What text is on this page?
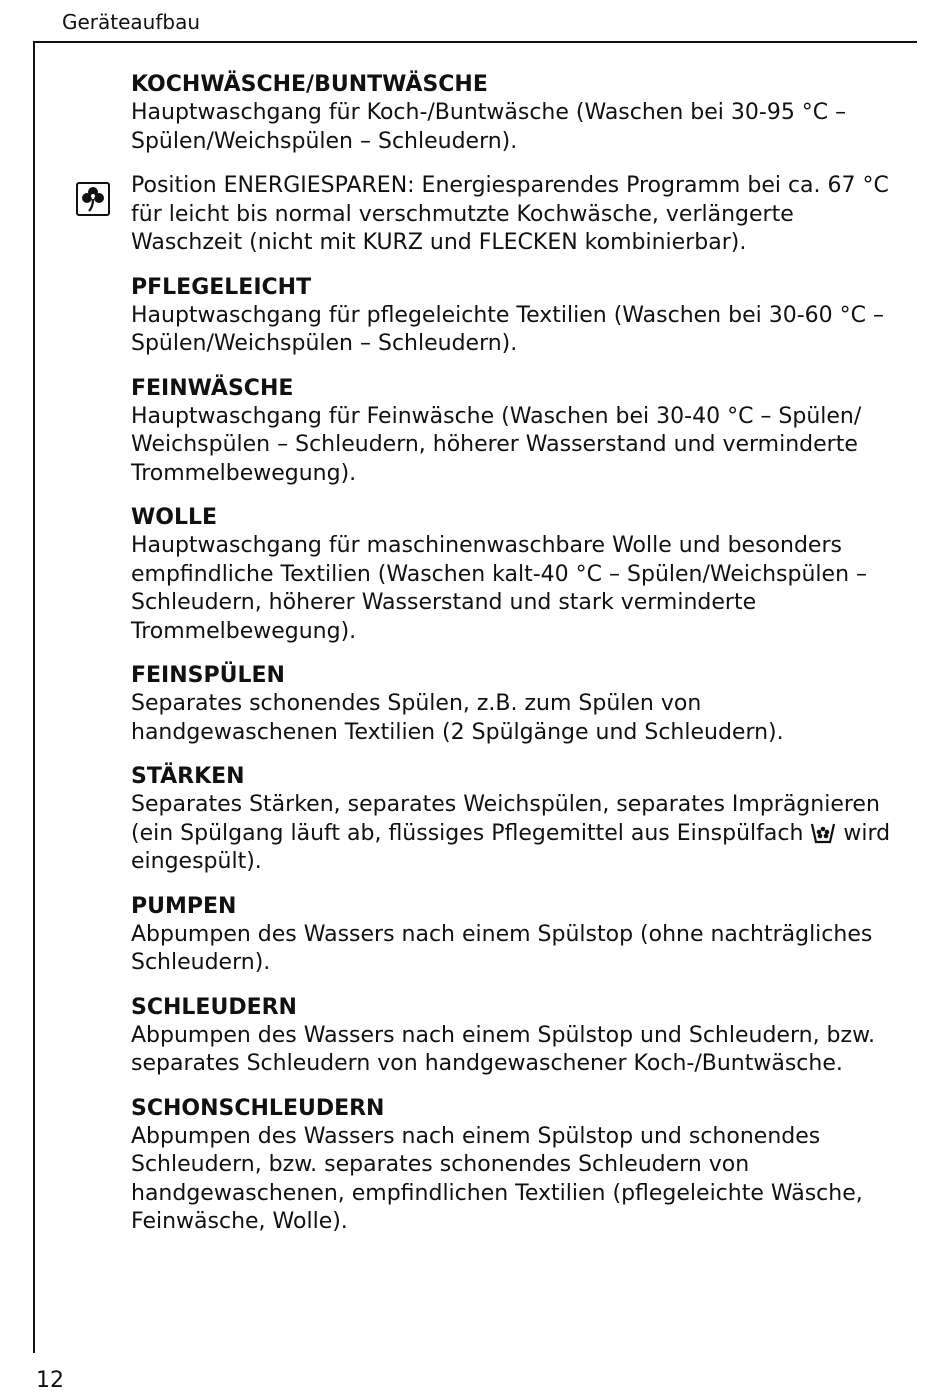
Geräteaufbau
KOCHWÄSCHE/BUNTWÄSCHE

Hauptwaschgang für Koch-/Buntwäsche (Waschen bei 30-95 °C – Spülen/Weichspülen – Schleudern).

Position ENERGIESPAREN: Energiesparendes Programm bei ca. 67 °C für leicht bis normal verschmutzte Kochwäsche, verlängerte Waschzeit (nicht mit KURZ und FLECKEN kombinierbar).

PFLEGELEICHT

Hauptwaschgang für pflegeleichte Textilien (Waschen bei 30-60 °C – Spülen/Weichspülen – Schleudern).

FEINWÄSCHE

Hauptwaschgang für Feinwäsche (Waschen bei 30-40 °C – Spülen/ Weichspülen – Schleudern, höherer Wasserstand und verminderte Trommelbewegung).

WOLLE

Hauptwaschgang für maschinenwaschbare Wolle und besonders empfindliche Textilien (Waschen kalt-40 °C – Spülen/Weichspülen – Schleudern, höherer Wasserstand und stark verminderte Trommelbewegung).

FEINSPÜLEN

Separates schonendes Spülen, z.B. zum Spülen von handgewaschenen Textilien (2 Spülgänge und Schleudern).

STÄRKEN

Separates Stärken, separates Weichspülen, separates Imprägnieren (ein Spülgang läuft ab, flüssiges Pflegemittel aus Einspülfach wird eingespült).

PUMPEN

Abpumpen des Wassers nach einem Spülstop (ohne nachträgliches Schleudern).

SCHLEUDERN

Abpumpen des Wassers nach einem Spülstop und Schleudern, bzw. separates Schleudern von handgewaschener Koch-/Buntwäsche.

SCHONSCHLEUDERN

Abpumpen des Wassers nach einem Spülstop und schonendes Schleudern, bzw. separates schonendes Schleudern von handgewaschenen, empfindlichen Textilien (pflegeleichte Wäsche, Feinwäsche, Wolle).

12
